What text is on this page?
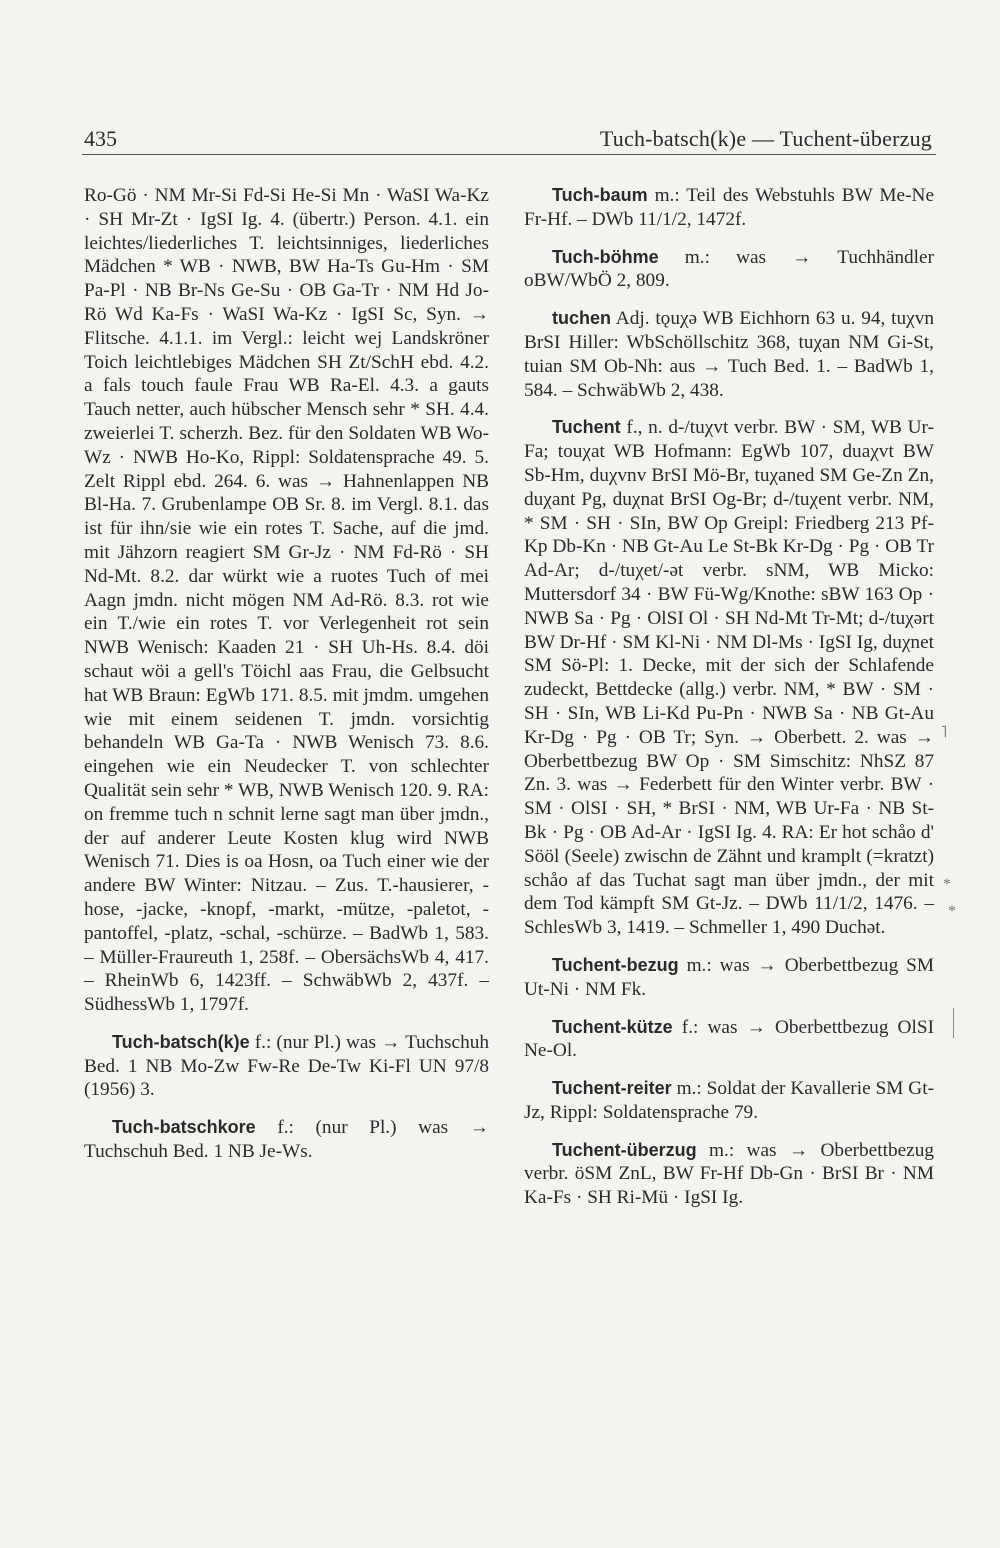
435	Tuch-batsch(k)e — Tuchent-überzug

Ro-Gö · NM Mr-Si Fd-Si He-Si Mn · WaSI Wa-Kz · SH Mr-Zt · IgSI Ig. 4. (übertr.) Person. 4.1. ein leichtes/liederliches T. leichtsinniges, liederliches Mädchen * WB · NWB, BW Ha-Ts Gu-Hm · SM Pa-Pl · NB Br-Ns Ge-Su · OB Ga-Tr · NM Hd Jo-Rö Wd Ka-Fs · WaSI Wa-Kz · IgSI Sc, Syn. → Flitsche. 4.1.1. im Vergl.: leicht wej Landskröner Toich leichtlebiges Mädchen SH Zt/SchH ebd. 4.2. a fals touch faule Frau WB Ra-El. 4.3. a gauts Tauch netter, auch hübscher Mensch sehr * SH. 4.4. zweierlei T. scherzh. Bez. für den Soldaten WB Wo-Wz · NWB Ho-Ko, Rippl: Soldatensprache 49. 5. Zelt Rippl ebd. 264. 6. was → Hahnenlappen NB Bl-Ha. 7. Grubenlampe OB Sr. 8. im Vergl. 8.1. das ist für ihn/sie wie ein rotes T. Sache, auf die jmd. mit Jähzorn reagiert SM Gr-Jz · NM Fd-Rö · SH Nd-Mt. 8.2. dar würkt wie a ruotes Tuch of mei Aagn jmdn. nicht mögen NM Ad-Rö. 8.3. rot wie ein T./wie ein rotes T. vor Verlegenheit rot sein NWB Wenisch: Kaaden 21 · SH Uh-Hs. 8.4. döi schaut wöi a gell's Töichl aas Frau, die Gelbsucht hat WB Braun: EgWb 171. 8.5. mit jmdm. umgehen wie mit einem seidenen T. jmdn. vorsichtig behandeln WB Ga-Ta · NWB Wenisch 73. 8.6. eingehen wie ein Neudecker T. von schlechter Qualität sein sehr * WB, NWB Wenisch 120. 9. RA: on fremme tuch n schnit lerne sagt man über jmdn., der auf anderer Leute Kosten klug wird NWB Wenisch 71. Dies is oa Hosn, oa Tuch einer wie der andere BW Winter: Nitzau. – Zus. T.-hausierer, -hose, -jacke, -knopf, -markt, -mütze, -paletot, -pantoffel, -platz, -schal, -schürze. – BadWb 1, 583. – Müller-Fraureuth 1, 258f. – ObersächsWb 4, 417. – RheinWb 6, 1423ff. – SchwäbWb 2, 437f. – SüdhessWb 1, 1797f.

Tuch-batsch(k)e f.: (nur Pl.) was → Tuchschuh Bed. 1 NB Mo-Zw Fw-Re De-Tw Ki-Fl UN 97/8 (1956) 3.

Tuch-batschkore f.: (nur Pl.) was → Tuchschuh Bed. 1 NB Je-Ws.

Tuch-baum m.: Teil des Webstuhls BW Me-Ne Fr-Hf. – DWb 11/1/2, 1472f.

Tuch-böhme m.: was → Tuchhändler oBW/WbÖ 2, 809.

tuchen Adj. tǫuχə WB Eichhorn 63 u. 94, tuχvn BrSI Hiller: WbSchöllschitz 368, tuχan NM Gi-St, tuian SM Ob-Nh: aus → Tuch Bed. 1. – BadWb 1, 584. – SchwäbWb 2, 438.

Tuchent f., n. d-/tuχvt verbr. BW · SM, WB Ur-Fa; touχat WB Hofmann: EgWb 107, duaχvt BW Sb-Hm, duχvnv BrSI Mö-Br, tuχaned SM Ge-Zn Zn, duχant Pg, duχnat BrSI Og-Br; d-/tuχent verbr. NM, * SM · SH · SIn, BW Op Greipl: Friedberg 213 Pf-Kp Db-Kn · NB Gt-Au Le St-Bk Kr-Dg · Pg · OB Tr Ad-Ar; d-/tuχet/-ət verbr. sNM, WB Micko: Muttersdorf 34 · BW Fü-Wg/Knothe: sBW 163 Op · NWB Sa · Pg · OlSI Ol · SH Nd-Mt Tr-Mt; d-/tuχərt BW Dr-Hf · SM Kl-Ni · NM Dl-Ms · IgSI Ig, duχnet SM Sö-Pl: 1. Decke, mit der sich der Schlafende zudeckt, Bettdecke (allg.) verbr. NM, * BW · SM · SH · SIn, WB Li-Kd Pu-Pn · NWB Sa · NB Gt-Au Kr-Dg · Pg · OB Tr; Syn. → Oberbett. 2. was → Oberbettbezug BW Op · SM Simschitz: NhSZ 87 Zn. 3. was → Federbett für den Winter verbr. BW · SM · OlSI · SH, * BrSI · NM, WB Ur-Fa · NB St-Bk · Pg · OB Ad-Ar · IgSI Ig. 4. RA: Er hot schåo d' Sööl (Seele) zwischn de Zähnt und kramplt (=kratzt) schåo af das Tuchat sagt man über jmdn., der mit dem Tod kämpft SM Gt-Jz. – DWb 11/1/2, 1476. – SchlesWb 3, 1419. – Schmeller 1, 490 Duchət.

Tuchent-bezug m.: was → Oberbettbezug SM Ut-Ni · NM Fk.

Tuchent-kütze f.: was → Oberbettbezug OlSI Ne-Ol.

Tuchent-reiter m.: Soldat der Kavallerie SM Gt-Jz, Rippl: Soldatensprache 79.

Tuchent-überzug m.: was → Oberbettbezug verbr. öSM ZnL, BW Fr-Hf Db-Gn · BrSI Br · NM Ka-Fs · SH Ri-Mü · IgSI Ig.

*
*
˥
